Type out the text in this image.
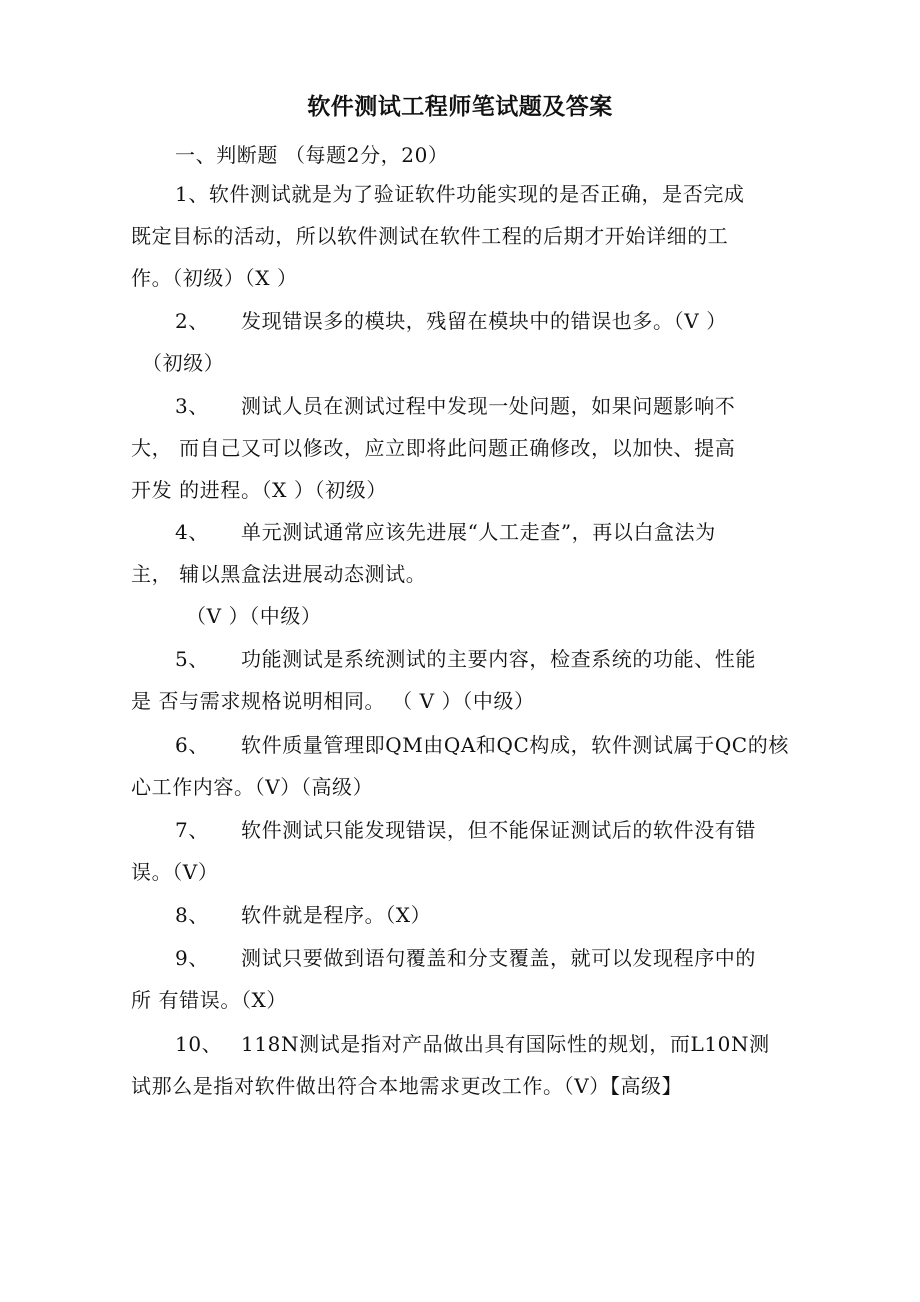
软件测试工程师笔试题及答案
一、判断题 （每题2分，20）
1、软件测试就是为了验证软件功能实现的是否正确，是否完成
既定目标的活动，所以软件测试在软件工程的后期才开始详细的工
作。（初级）（X ）
2、 发现错误多的模块，残留在模块中的错误也多。（V ）
（初级）
3、 测试人员在测试过程中发现一处问题，如果问题影响不
大， 而自己又可以修改，应立即将此问题正确修改，以加快、提高
开发 的进程。（X ）（初级）
4、 单元测试通常应该先进展“人工走查”，再以白盒法为
主， 辅以黑盒法进展动态测试。
（V ）（中级）
5、 功能测试是系统测试的主要内容，检查系统的功能、性能
是 否与需求规格说明相同。 （ V ）（中级）
6、 软件质量管理即QM由QA和QC构成，软件测试属于QC的核
心工作内容。（V）（高级）
7、 软件测试只能发现错误，但不能保证测试后的软件没有错
误。（V）
8、 软件就是程序。（X）
9、 测试只要做到语句覆盖和分支覆盖，就可以发现程序中的
所 有错误。（X）
10、 118N测试是指对产品做出具有国际性的规划，而L10N测
试那么是指对软件做出符合本地需求更改工作。（V）【高级】
